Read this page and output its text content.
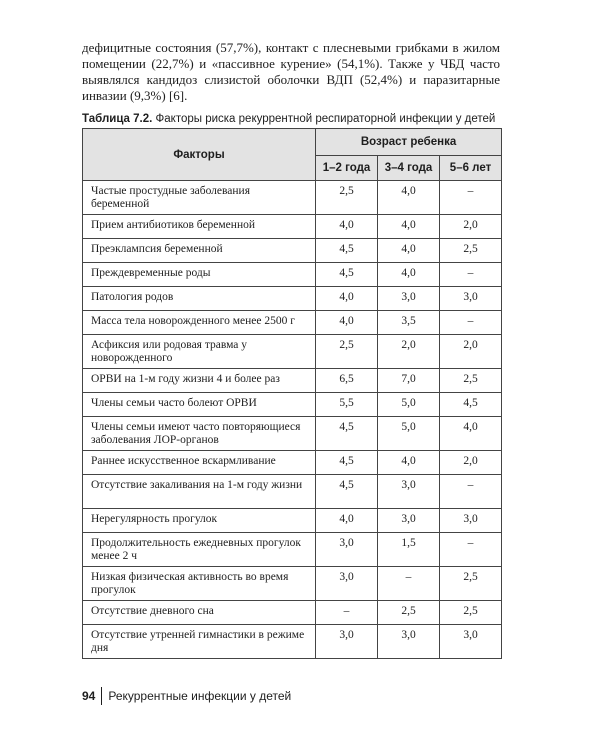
дефицитные состояния (57,7%), контакт с плесневыми грибками в жилом помещении (22,7%) и «пассивное курение» (54,1%). Также у ЧБД часто выявлялся кандидоз слизистой оболочки ВДП (52,4%) и паразитарные инвазии (9,3%) [6].

Таблица 7.2. Факторы риска рекуррентной респираторной инфекции у детей

Факторы	Возраст ребенка		
	1–2 года	3–4 года	5–6 лет
Частые простудные заболевания беременной	2,5	4,0	–
Прием антибиотиков беременной	4,0	4,0	2,0
Преэклампсия беременной	4,5	4,0	2,5
Преждевременные роды	4,5	4,0	–
Патология родов	4,0	3,0	3,0
Масса тела новорожденного менее 2500 г	4,0	3,5	–
Асфиксия или родовая травма у новорожденного	2,5	2,0	2,0
ОРВИ на 1-м году жизни 4 и более раз	6,5	7,0	2,5
Члены семьи часто болеют ОРВИ	5,5	5,0	4,5
Члены семьи имеют часто повторяющиеся заболевания ЛОР-органов	4,5	5,0	4,0
Раннее искусственное вскармливание	4,5	4,0	2,0
Отсутствие закаливания на 1-м году жизни	4,5	3,0	–
Нерегулярность прогулок	4,0	3,0	3,0
Продолжительность ежедневных прогулок менее 2 ч	3,0	1,5	–
Низкая физическая активность во время прогулок	3,0	–	2,5
Отсутствие дневного сна	–	2,5	2,5
Отсутствие утренней гимнастики в режиме дня	3,0	3,0	3,0
94 Рекуррентные инфекции у детей
